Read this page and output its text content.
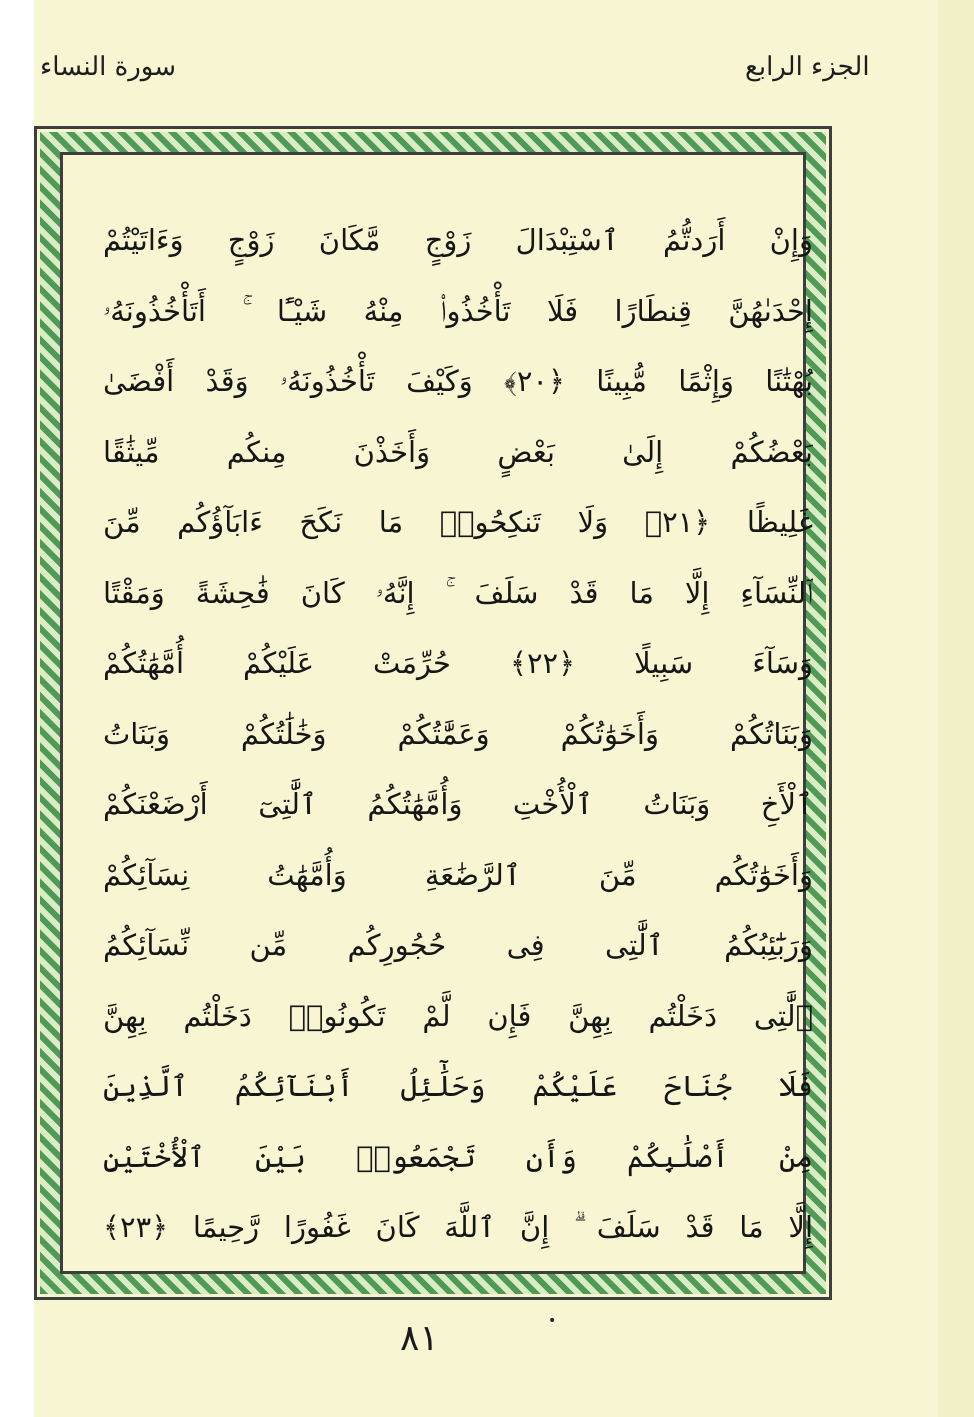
سورة النساء	الجزء الرابع
وَإِنْ أَرَدتُّمُ ٱسْتِبْدَالَ زَوْجٍ مَّكَانَ زَوْجٍ وَءَاتَيْتُمْ
إِحْدَىٰهُنَّ قِنطَارًا فَلَا تَأْخُذُوا۟ مِنْهُ شَيْـًٔا ۚ أَتَأْخُذُونَهُۥ
بُهْتَٰنًا وَإِثْمًا مُّبِينًا ﴿٢٠﴾ وَكَيْفَ تَأْخُذُونَهُۥ وَقَدْ أَفْضَىٰ
بَعْضُكُمْ إِلَىٰ بَعْضٍ وَأَخَذْنَ مِنكُم مِّيثَٰقًا
غَلِيظًا ﴿٢١﴾ وَلَا تَنكِحُوا۟ مَا نَكَحَ ءَابَآؤُكُم مِّنَ
ٱلنِّسَآءِ إِلَّا مَا قَدْ سَلَفَ ۚ إِنَّهُۥ كَانَ فَٰحِشَةً وَمَقْتًا
وَسَآءَ سَبِيلًا ﴿٢٢﴾ حُرِّمَتْ عَلَيْكُمْ أُمَّهَٰتُكُمْ
وَبَنَاتُكُمْ وَأَخَوَٰتُكُمْ وَعَمَّٰتُكُمْ وَخَٰلَٰتُكُمْ وَبَنَاتُ
ٱلْأَخِ وَبَنَاتُ ٱلْأُخْتِ وَأُمَّهَٰتُكُمُ ٱلَّٰتِىٓ أَرْضَعْنَكُمْ
وَأَخَوَٰتُكُم مِّنَ ٱلرَّضَٰعَةِ وَأُمَّهَٰتُ نِسَآئِكُمْ
وَرَبَٰٓئِبُكُمُ ٱلَّٰتِى فِى حُجُورِكُم مِّن نِّسَآئِكُمُ
ٱلَّٰتِى دَخَلْتُم بِهِنَّ فَإِن لَّمْ تَكُونُوا۟ دَخَلْتُم بِهِنَّ
فَلَا جُنَاحَ عَلَيْكُمْ وَحَلَٰٓئِلُ أَبْنَآئِكُمُ ٱلَّذِينَ
مِنْ أَصْلَٰبِكُمْ وَأَن تَجْمَعُوا۟ بَيْنَ ٱلْأُخْتَيْنِ
إِلَّا مَا قَدْ سَلَفَ ۗ إِنَّ ٱللَّهَ كَانَ غَفُورًا رَّحِيمًا ﴿٢٣﴾
•
٨١
